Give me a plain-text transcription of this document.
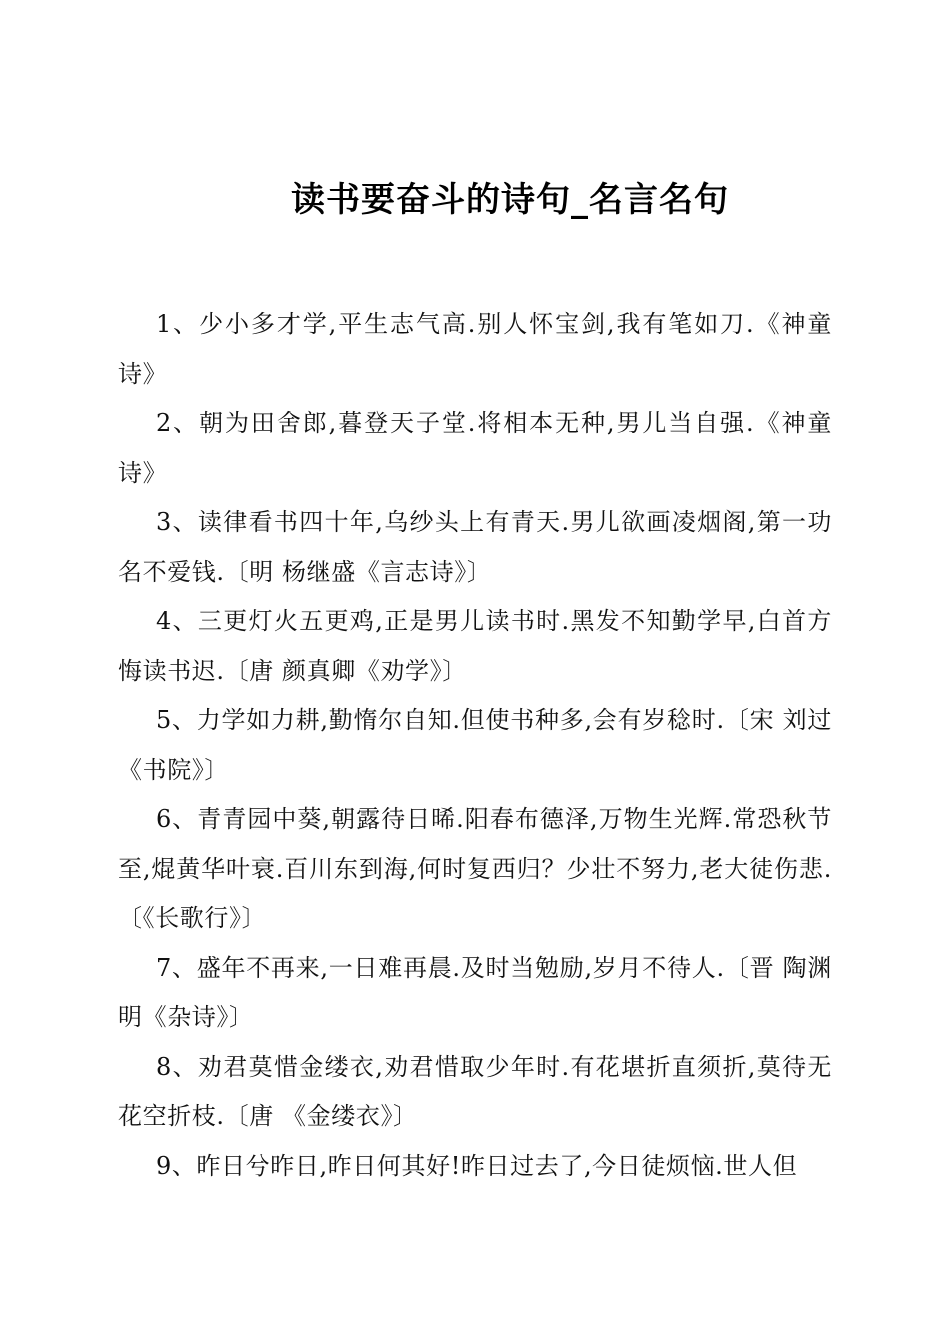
读书要奋斗的诗句_名言名句

1、少小多才学,平生志气高.别人怀宝剑,我有笔如刀.《神童诗》

2、朝为田舍郎,暮登天子堂.将相本无种,男儿当自强.《神童诗》

3、读律看书四十年,乌纱头上有青天.男儿欲画凌烟阁,第一功名不爱钱.〔明 杨继盛《言志诗》〕

4、三更灯火五更鸡,正是男儿读书时.黑发不知勤学早,白首方悔读书迟.〔唐 颜真卿《劝学》〕

5、力学如力耕,勤惰尔自知.但使书种多,会有岁稔时.〔宋 刘过《书院》〕

6、青青园中葵,朝露待日晞.阳春布德泽,万物生光辉.常恐秋节至,焜黄华叶衰.百川东到海,何时复西归？少壮不努力,老大徒伤悲.〔《长歌行》〕

7、盛年不再来,一日难再晨.及时当勉励,岁月不待人.〔晋 陶渊明《杂诗》〕

8、劝君莫惜金缕衣,劝君惜取少年时.有花堪折直须折,莫待无花空折枝.〔唐 《金缕衣》〕

9、昨日兮昨日,昨日何其好!昨日过去了,今日徒烦恼.世人但
